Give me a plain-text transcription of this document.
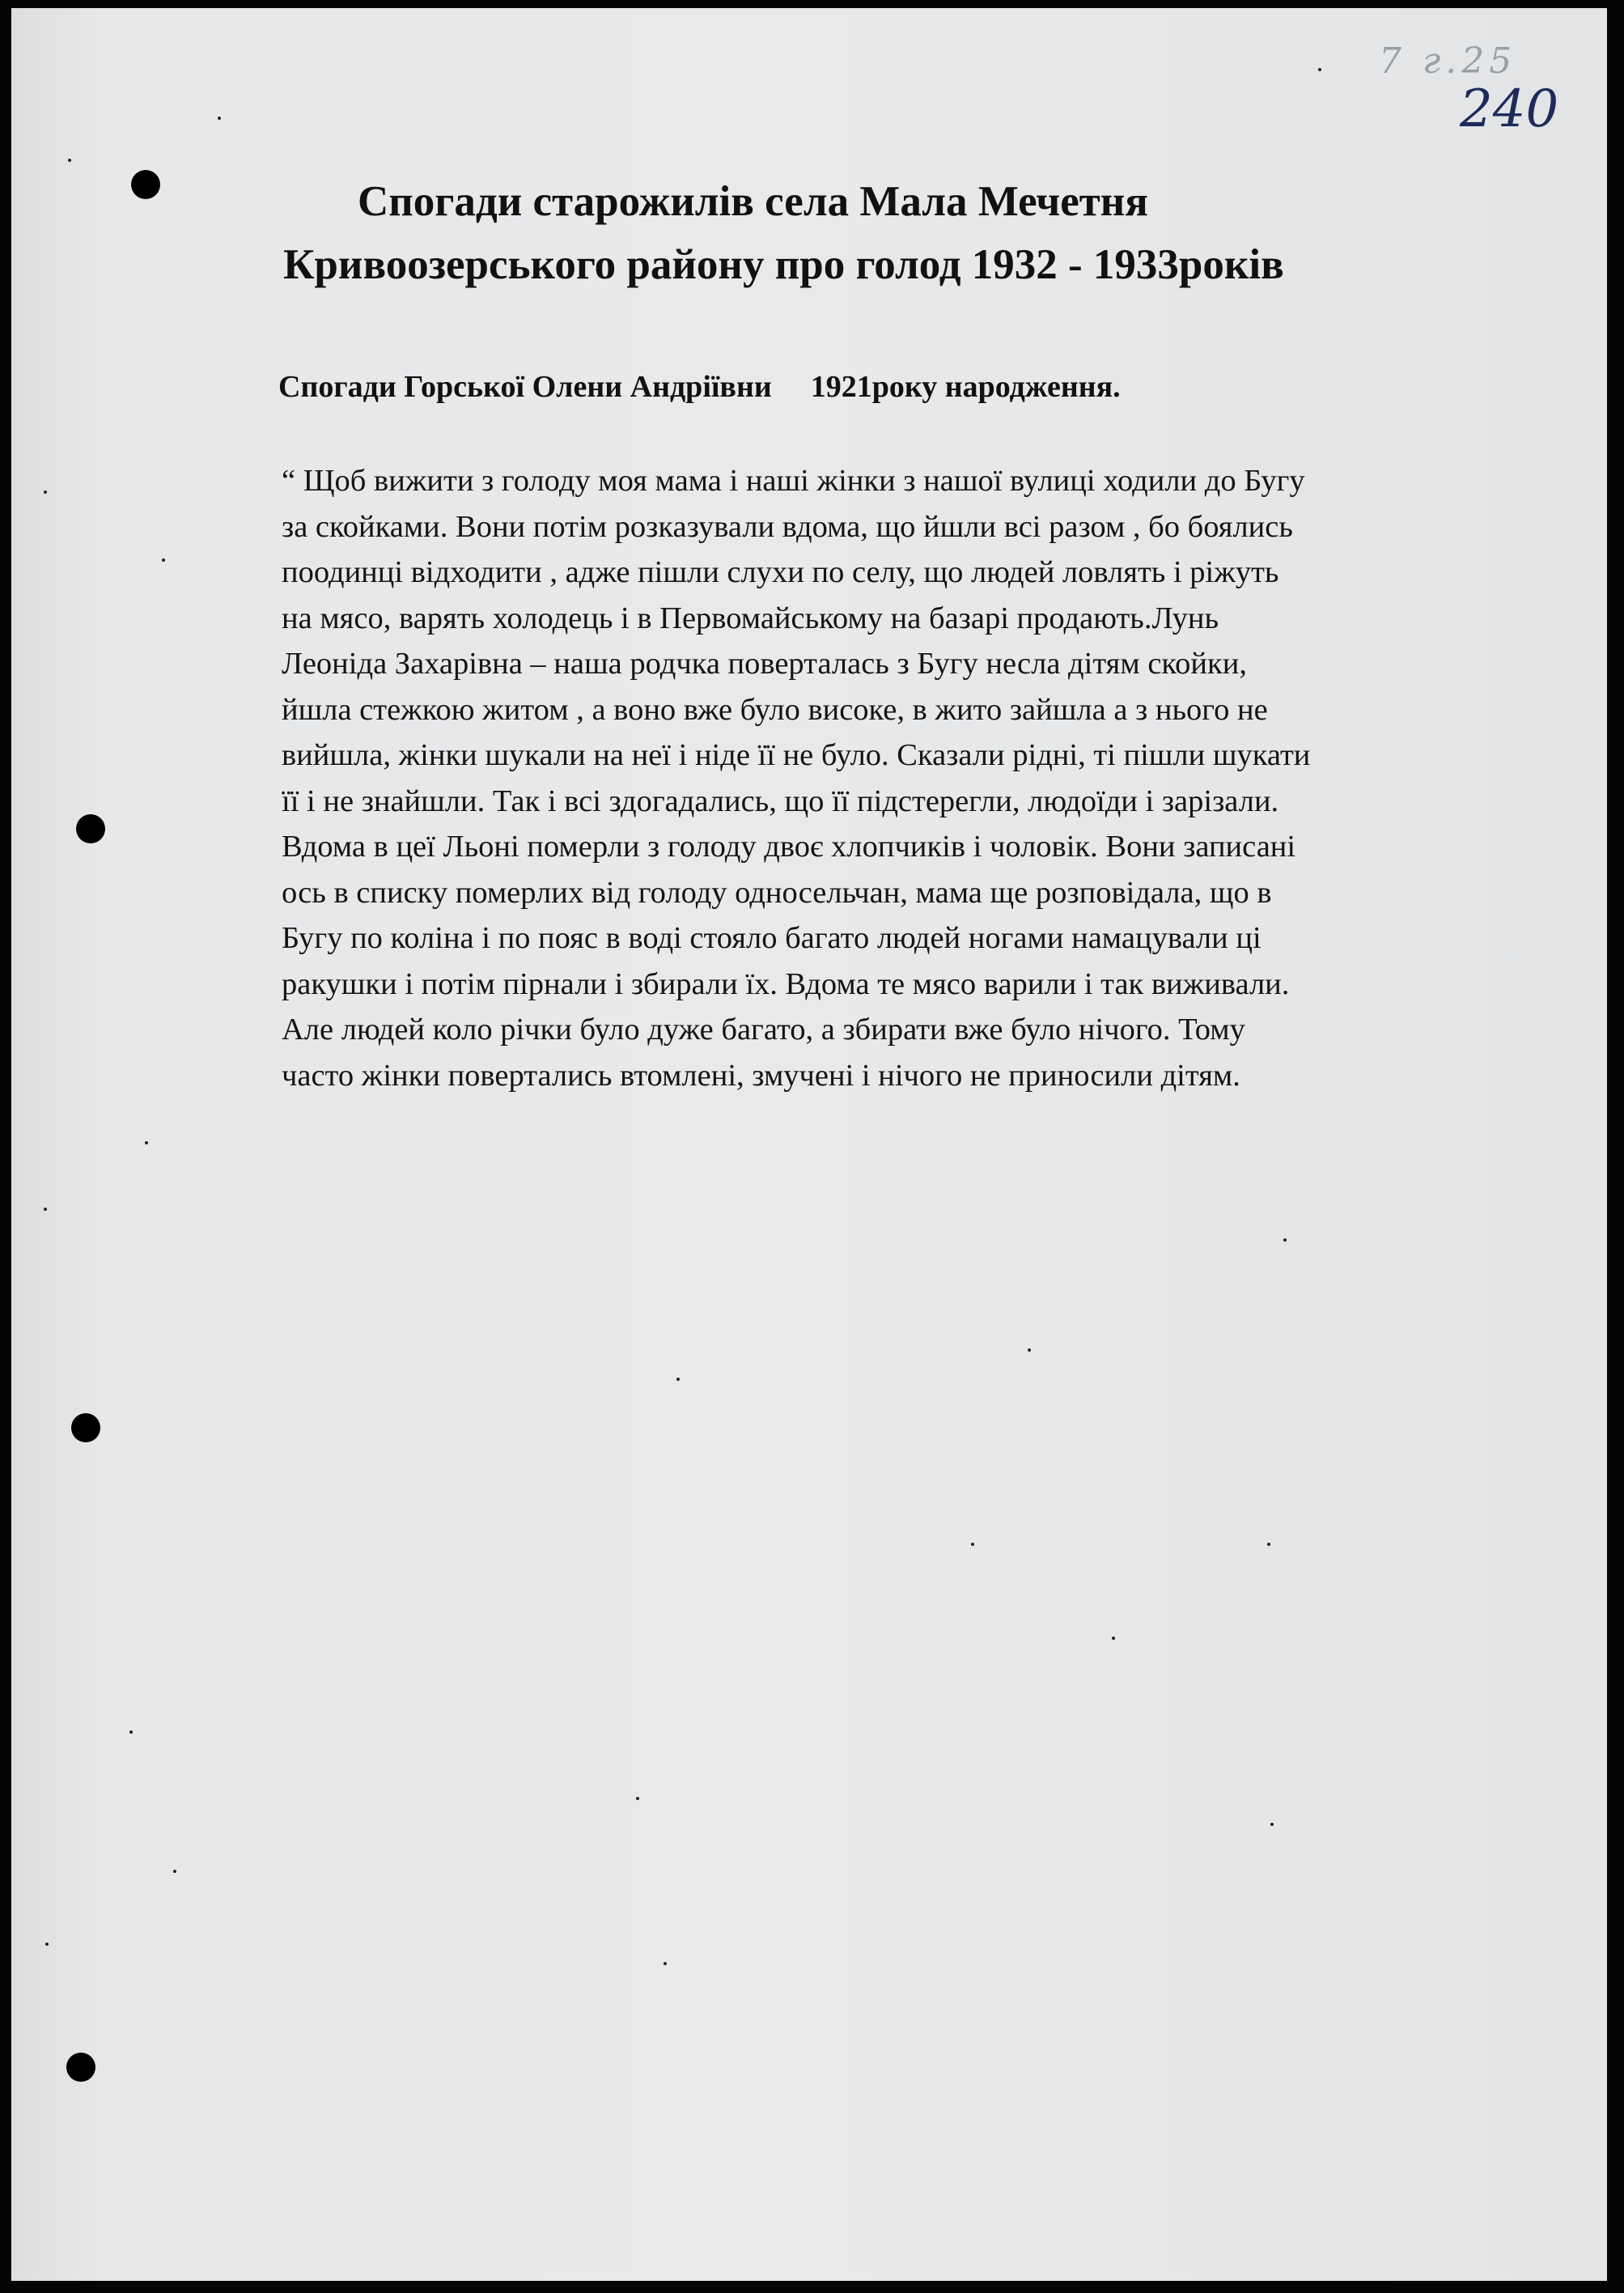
7 г.25
240
Спогади старожилів села Мала Мечетня
Кривоозерського району про голод 1932 - 1933років
Спогади Горської Олени Андріївни 1921року народження.
“ Щоб вижити з голоду моя мама і наші жінки з нашої вулиці ходили до Бугу
за скойками. Вони потім розказували вдома, що йшли всі разом , бо боялись
поодинці відходити , адже пішли слухи по селу, що людей ловлять і ріжуть
на мясо, варять холодець і в Первомайському на базарі продають.Лунь
Леоніда Захарівна – наша родчка поверталась з Бугу несла дітям скойки,
йшла стежкою житом , а воно вже було високе, в жито зайшла а з нього не
вийшла, жінки шукали на неї і ніде її не було. Сказали рідні, ті пішли шукати
її і не знайшли. Так і всі здогадались, що її підстерегли, людоїди і зарізали.
Вдома в цеї Льоні померли з голоду двоє хлопчиків і чоловік. Вони записані
ось в списку померлих від голоду односельчан, мама ще розповідала, що в
Бугу по коліна і по пояс в воді стояло багато людей ногами намацували ці
ракушки і потім пірнали і збирали їх. Вдома те мясо варили і так виживали.
Але людей коло річки було дуже багато, а збирати вже було нічого. Тому
часто жінки повертались втомлені, змучені і нічого не приносили дітям.
